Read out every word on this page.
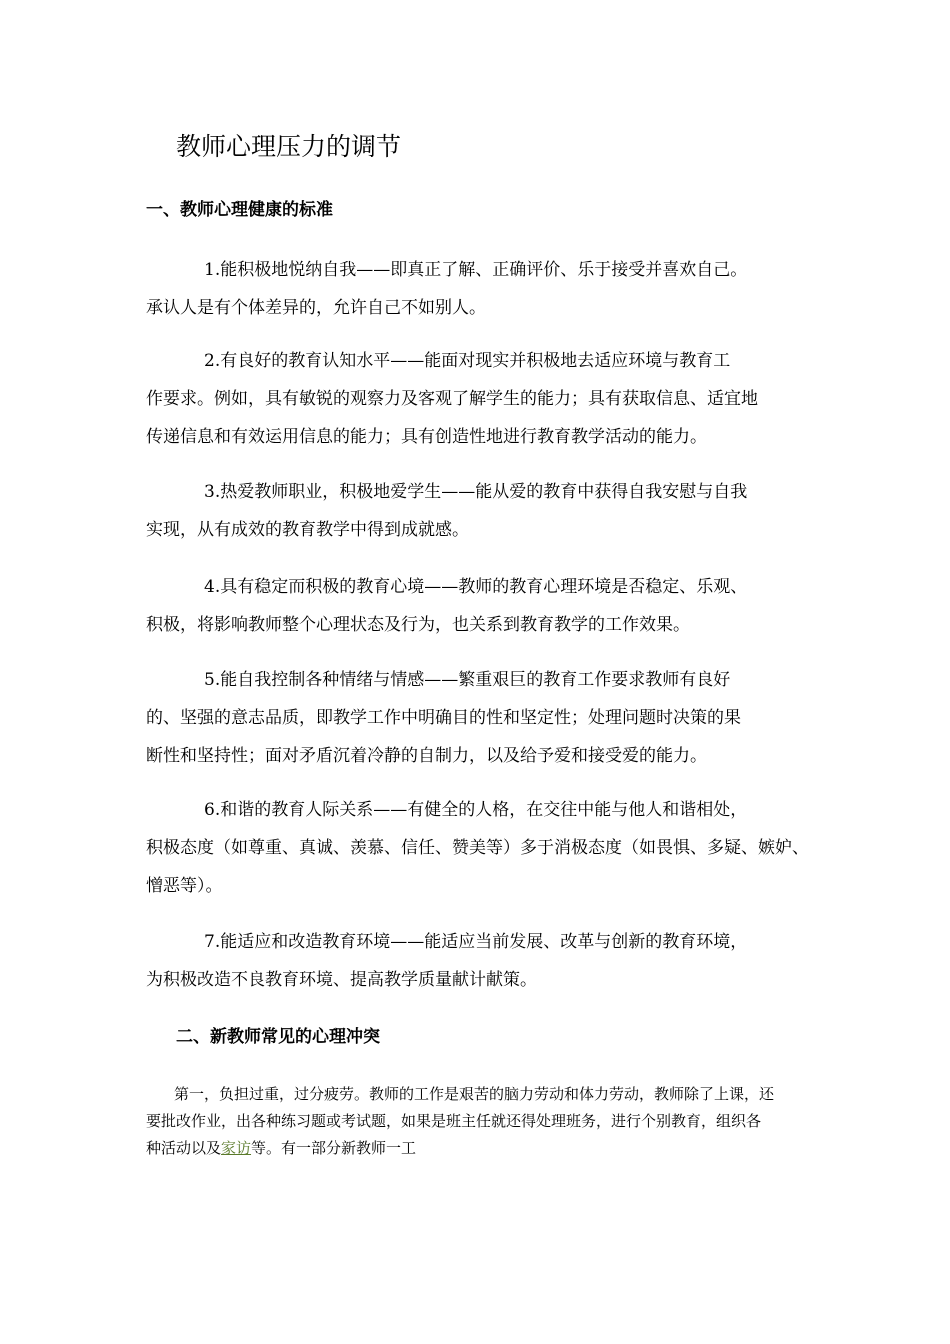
教师心理压力的调节
一、教师心理健康的标准
1.能积极地悦纳自我——即真正了解、正确评价、乐于接受并喜欢自己。
承认人是有个体差异的，允许自己不如别人。
2.有良好的教育认知水平——能面对现实并积极地去适应环境与教育工
作要求。例如，具有敏锐的观察力及客观了解学生的能力；具有获取信息、适宜地
传递信息和有效运用信息的能力；具有创造性地进行教育教学活动的能力。
3.热爱教师职业，积极地爱学生——能从爱的教育中获得自我安慰与自我
实现，从有成效的教育教学中得到成就感。
4.具有稳定而积极的教育心境——教师的教育心理环境是否稳定、乐观、
积极，将影响教师整个心理状态及行为，也关系到教育教学的工作效果。
5.能自我控制各种情绪与情感——繁重艰巨的教育工作要求教师有良好
的、坚强的意志品质，即教学工作中明确目的性和坚定性；处理问题时决策的果
断性和坚持性；面对矛盾沉着冷静的自制力，以及给予爱和接受爱的能力。
6.和谐的教育人际关系——有健全的人格，在交往中能与他人和谐相处，
积极态度（如尊重、真诚、羡慕、信任、赞美等）多于消极态度（如畏惧、多疑、嫉妒、
憎恶等）。
7.能适应和改造教育环境——能适应当前发展、改革与创新的教育环境，
为积极改造不良教育环境、提高教学质量献计献策。
二、新教师常见的心理冲突
第一，负担过重，过分疲劳。教师的工作是艰苦的脑力劳动和体力劳动，教师除了上课，还
要批改作业，出各种练习题或考试题，如果是班主任就还得处理班务，进行个别教育，组织各
种活动以及家访等。有一部分新教师一工
